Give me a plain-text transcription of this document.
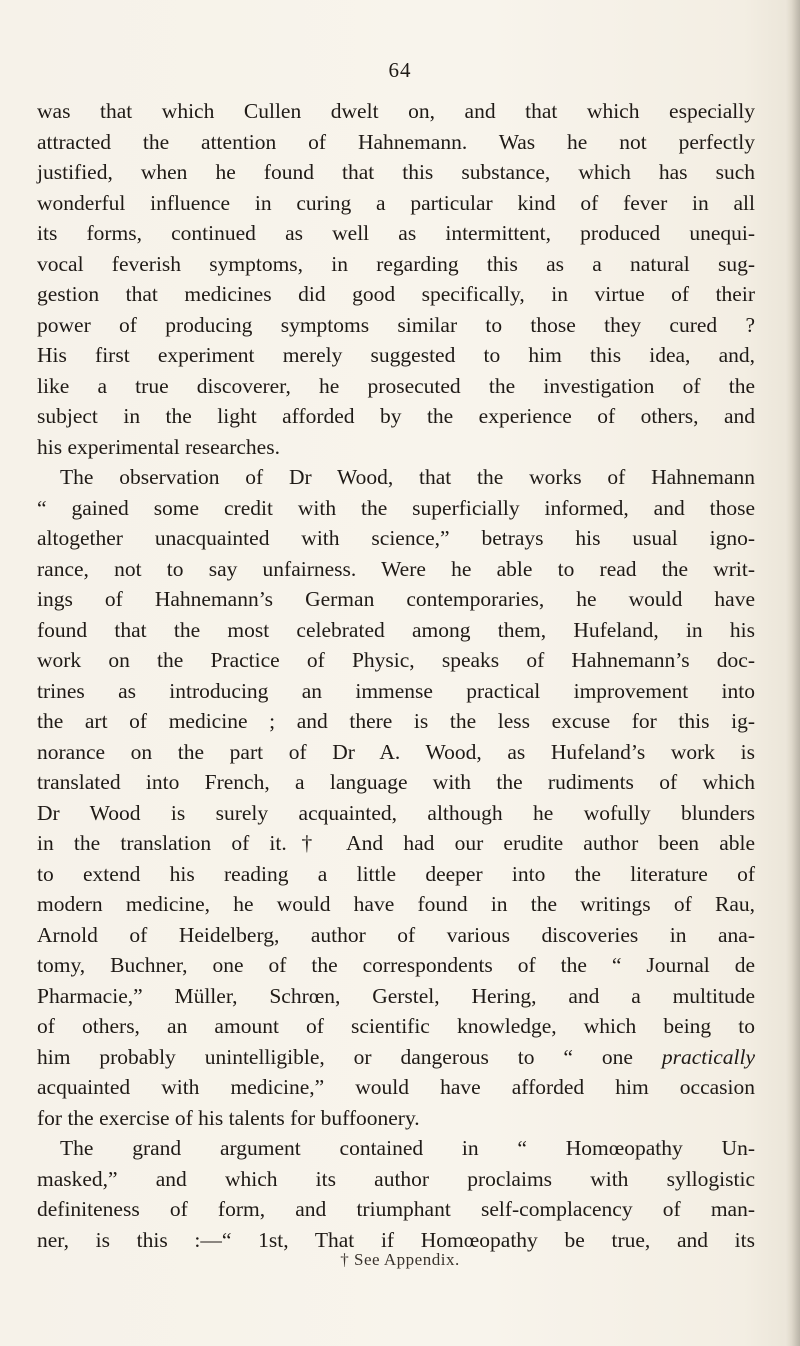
64
was that which Cullen dwelt on, and that which especially
attracted the attention of Hahnemann. Was he not perfectly
justified, when he found that this substance, which has such
wonderful influence in curing a particular kind of fever in all
its forms, continued as well as intermittent, produced unequi-
vocal feverish symptoms, in regarding this as a natural sug-
gestion that medicines did good specifically, in virtue of their
power of producing symptoms similar to those they cured ?
His first experiment merely suggested to him this idea, and,
like a true discoverer, he prosecuted the investigation of the
subject in the light afforded by the experience of others, and
his experimental researches.
The observation of Dr Wood, that the works of Hahnemann
“ gained some credit with the superficially informed, and those
altogether unacquainted with science,” betrays his usual igno-
rance, not to say unfairness. Were he able to read the writ-
ings of Hahnemann’s German contemporaries, he would have
found that the most celebrated among them, Hufeland, in his
work on the Practice of Physic, speaks of Hahnemann’s doc-
trines as introducing an immense practical improvement into
the art of medicine ; and there is the less excuse for this ig-
norance on the part of Dr A. Wood, as Hufeland’s work is
translated into French, a language with the rudiments of which
Dr Wood is surely acquainted, although he wofully blunders
in the translation of it.† And had our erudite author been able
to extend his reading a little deeper into the literature of
modern medicine, he would have found in the writings of Rau,
Arnold of Heidelberg, author of various discoveries in ana-
tomy, Buchner, one of the correspondents of the “ Journal de
Pharmacie,” Müller, Schrœn, Gerstel, Hering, and a multitude
of others, an amount of scientific knowledge, which being to
him probably unintelligible, or dangerous to “ one practically
acquainted with medicine,” would have afforded him occasion
for the exercise of his talents for buffoonery.
The grand argument contained in “ Homœopathy Un-
masked,” and which its author proclaims with syllogistic
definiteness of form, and triumphant self-complacency of man-
ner, is this :—“ 1st, That if Homœopathy be true, and its
† See Appendix.
